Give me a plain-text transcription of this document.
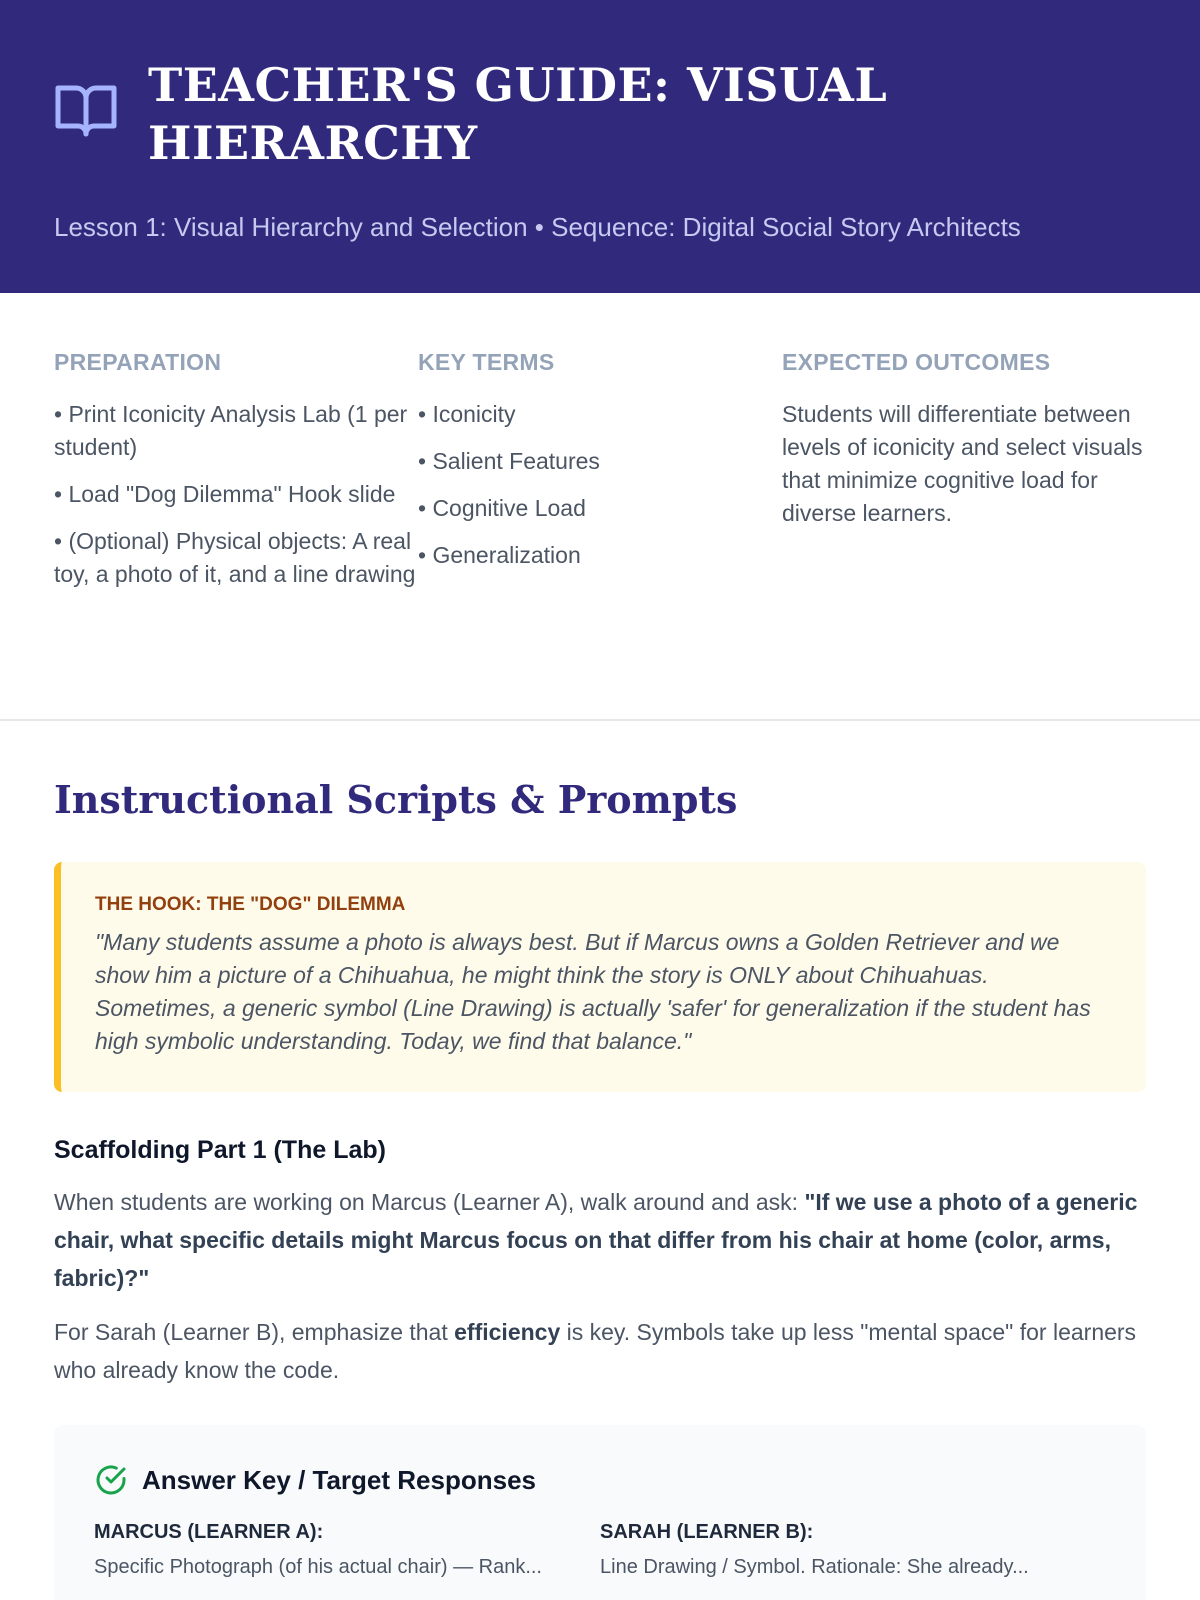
TEACHER'S GUIDE: VISUAL HIERARCHY
Lesson 1: Visual Hierarchy and Selection • Sequence: Digital Social Story Architects
PREPARATION
• Print Iconicity Analysis Lab (1 per student)
• Load "Dog Dilemma" Hook slide
• (Optional) Physical objects: A real toy, a photo of it, and a line drawing
KEY TERMS
• Iconicity
• Salient Features
• Cognitive Load
• Generalization
EXPECTED OUTCOMES
Students will differentiate between levels of iconicity and select visuals that minimize cognitive load for diverse learners.
Instructional Scripts & Prompts
THE HOOK: THE "DOG" DILEMMA
"Many students assume a photo is always best. But if Marcus owns a Golden Retriever and we show him a picture of a Chihuahua, he might think the story is ONLY about Chihuahuas. Sometimes, a generic symbol (Line Drawing) is actually 'safer' for generalization if the student has high symbolic understanding. Today, we find that balance."
Scaffolding Part 1 (The Lab)

When students are working on Marcus (Learner A), walk around and ask: "If we use a photo of a generic chair, what specific details might Marcus focus on that differ from his chair at home (color, arms, fabric)?"

For Sarah (Learner B), emphasize that efficiency is key. Symbols take up less "mental space" for learners who already know the code.

Answer Key / Target Responses
MARCUS (LEARNER A):
Specific Photograph (of his actual chair) — Rank...
SARAH (LEARNER B):
Line Drawing / Symbol. Rationale: She already...
